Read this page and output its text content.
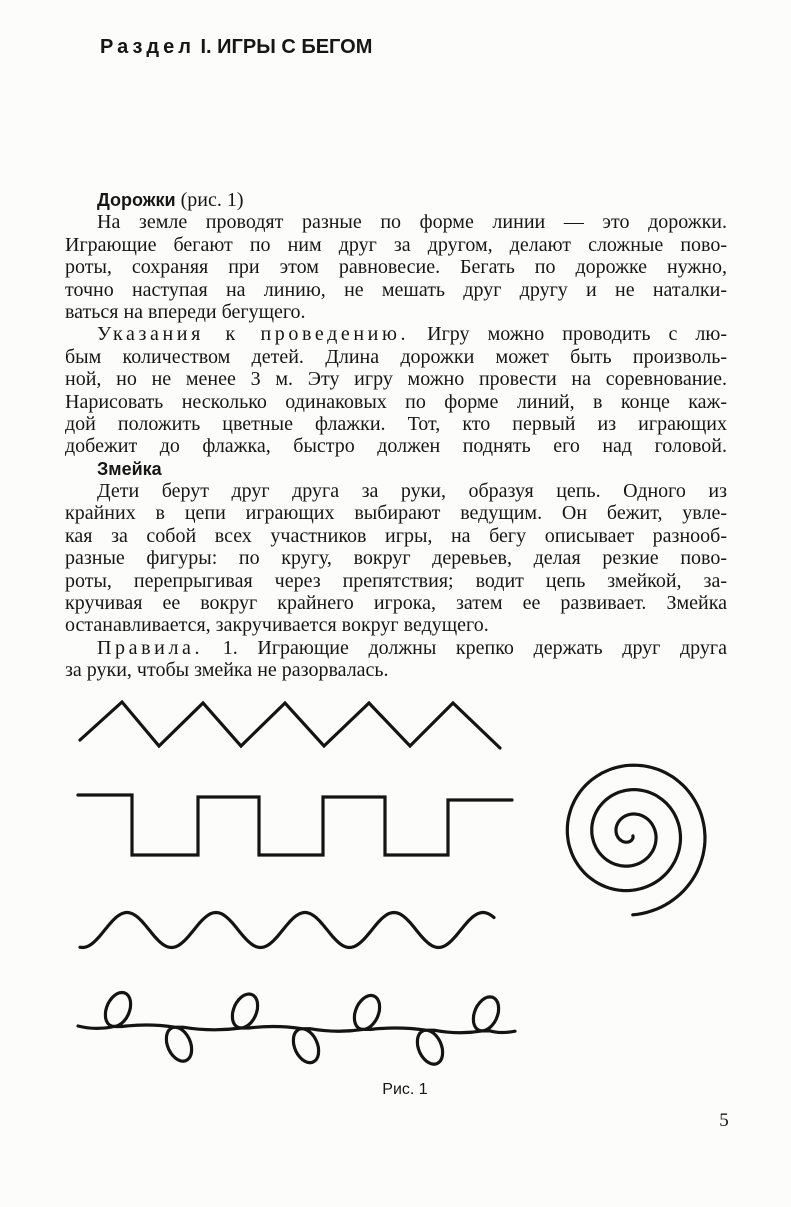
Раздел I. ИГРЫ С БЕГОМ
Дорожки (рис. 1)
На земле проводят разные по форме линии — это дорожки.
Играющие бегают по ним друг за другом, делают сложные пово-
роты, сохраняя при этом равновесие. Бегать по дорожке нужно,
точно наступая на линию, не мешать друг другу и не наталки-
ваться на впереди бегущего.
Указания к проведению. Игру можно проводить с лю-
бым количеством детей. Длина дорожки может быть произволь-
ной, но не менее 3 м. Эту игру можно провести на соревнование.
Нарисовать несколько одинаковых по форме линий, в конце каж-
дой положить цветные флажки. Тот, кто первый из играющих
добежит до флажка, быстро должен поднять его над головой.
Змейка
Дети берут друг друга за руки, образуя цепь. Одного из
крайних в цепи играющих выбирают ведущим. Он бежит, увле-
кая за собой всех участников игры, на бегу описывает разнооб-
разные фигуры: по кругу, вокруг деревьев, делая резкие пово-
роты, перепрыгивая через препятствия; водит цепь змейкой, за-
кручивая ее вокруг крайнего игрока, затем ее развивает. Змейка
останавливается, закручивается вокруг ведущего.
Правила. 1. Играющие должны крепко держать друг друга
за руки, чтобы змейка не разорвалась.
Рис. 1
5
